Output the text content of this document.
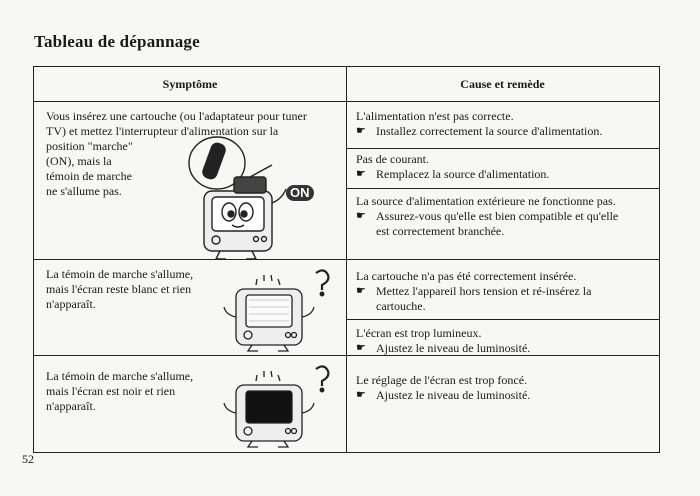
Tableau de dépannage
Symptôme	Cause et remède
Vous insérez une cartouche (ou l'adaptateur pour tuner
TV) et mettez l'interrupteur d'alimentation sur la
position "marche"
(ON), mais la
témoin de marche
ne s'allume pas.	ON
L'alimentation n'est pas correcte.
☛ Installez correctement la source d'alimentation.
Pas de courant.
☛ Remplacez la source d'alimentation.
La source d'alimentation extérieure ne fonctionne pas.
☛ Assurez-vous qu'elle est bien compatible et qu'elle
est correctement branchée.
La témoin de marche s'allume,
mais l'écran reste blanc et rien
n'apparaît.
La cartouche n'a pas été correctement insérée.
☛ Mettez l'appareil hors tension et ré-insérez la
cartouche.
L'écran est trop lumineux.
☛ Ajustez le niveau de luminosité.
La témoin de marche s'allume,
mais l'écran est noir et rien
n'apparaît.
Le réglage de l'écran est trop foncé.
☛ Ajustez le niveau de luminosité.
52
